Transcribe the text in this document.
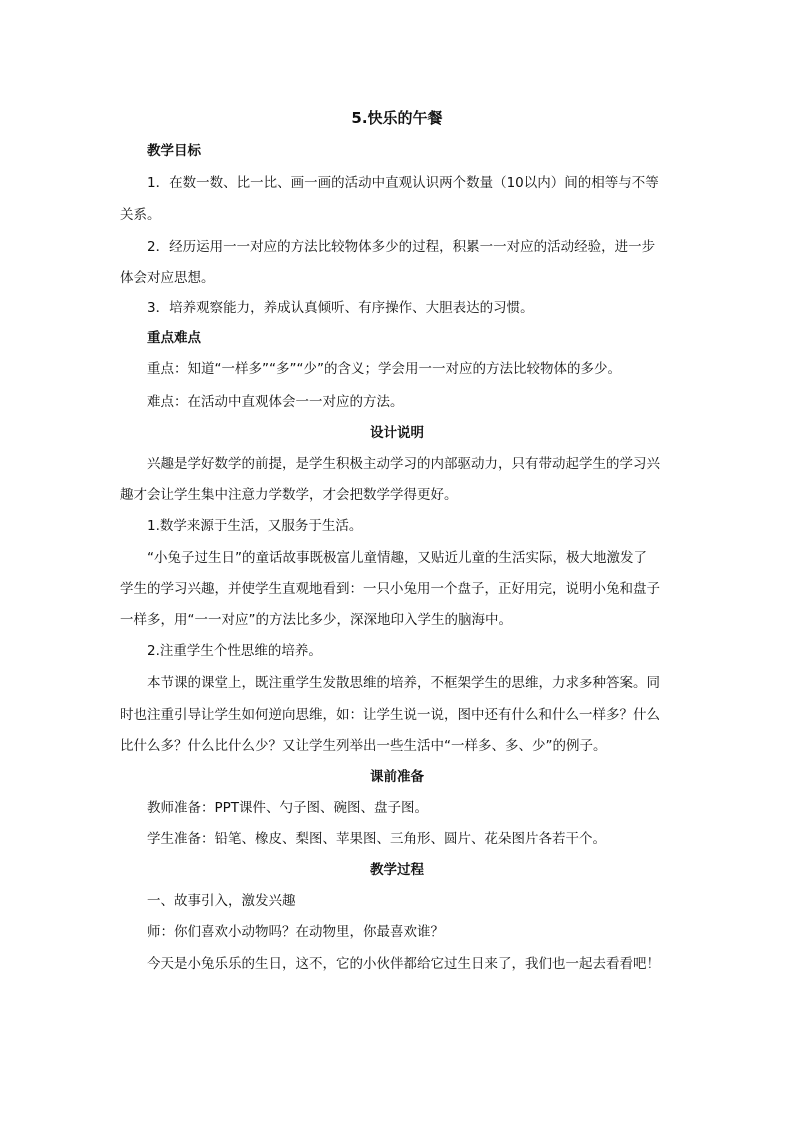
5.快乐的午餐
教学目标
1．在数一数、比一比、画一画的活动中直观认识两个数量（10以内）间的相等与不等
关系。
2．经历运用一一对应的方法比较物体多少的过程，积累一一对应的活动经验，进一步
体会对应思想。
3．培养观察能力，养成认真倾听、有序操作、大胆表达的习惯。
重点难点
重点：知道“一样多”“多”“少”的含义；学会用一一对应的方法比较物体的多少。
难点：在活动中直观体会一一对应的方法。
设计说明
兴趣是学好数学的前提，是学生积极主动学习的内部驱动力，只有带动起学生的学习兴
趣才会让学生集中注意力学数学，才会把数学学得更好。
1.数学来源于生活，又服务于生活。
“小兔子过生日”的童话故事既极富儿童情趣，又贴近儿童的生活实际，极大地激发了
学生的学习兴趣，并使学生直观地看到：一只小兔用一个盘子，正好用完，说明小兔和盘子
一样多，用“一一对应”的方法比多少，深深地印入学生的脑海中。
2.注重学生个性思维的培养。
本节课的课堂上，既注重学生发散思维的培养，不框架学生的思维，力求多种答案。同
时也注重引导让学生如何逆向思维，如：让学生说一说，图中还有什么和什么一样多？什么
比什么多？什么比什么少？又让学生列举出一些生活中“一样多、多、少”的例子。
课前准备
教师准备：PPT课件、勺子图、碗图、盘子图。
学生准备：铅笔、橡皮、梨图、苹果图、三角形、圆片、花朵图片各若干个。
教学过程
一、故事引入，激发兴趣
师：你们喜欢小动物吗？在动物里，你最喜欢谁？
今天是小兔乐乐的生日，这不，它的小伙伴都给它过生日来了，我们也一起去看看吧！
